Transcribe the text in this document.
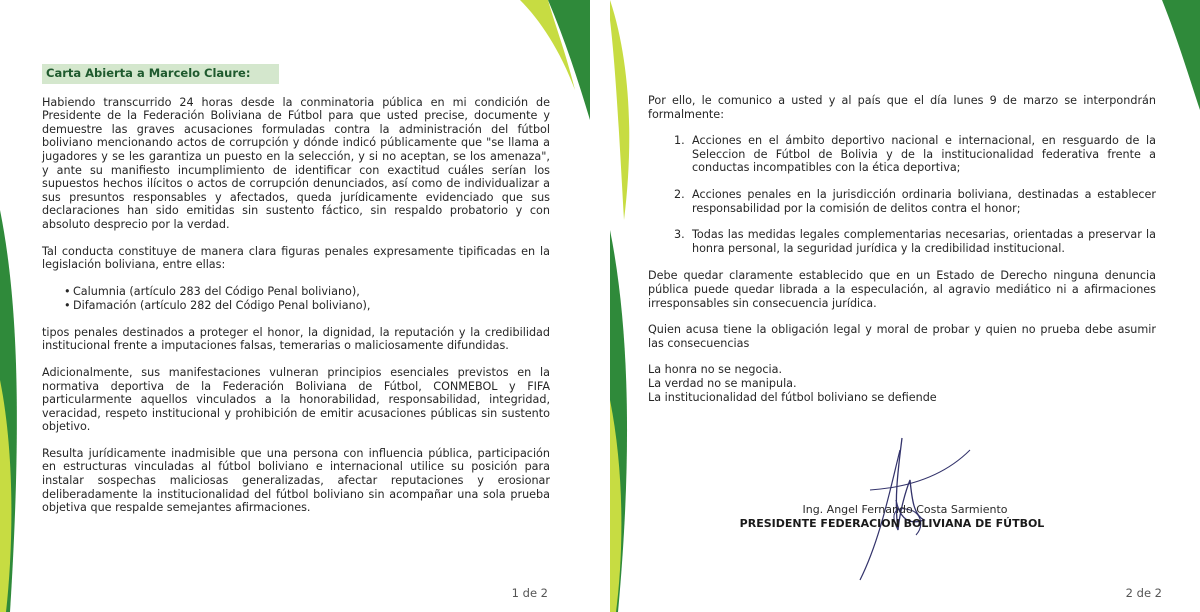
Carta Abierta a Marcelo Claure:
Habiendo transcurrido 24 horas desde la conminatoria pública en mi condición de Presidente de la Federación Boliviana de Fútbol para que usted precise, documente y demuestre las graves acusaciones formuladas contra la administración del fútbol boliviano mencionando actos de corrupción y dónde indicó públicamente que "se llama a jugadores y se les garantiza un puesto en la selección, y si no aceptan, se los amenaza", y ante su manifiesto incumplimiento de identificar con exactitud cuáles serían los supuestos hechos ilícitos o actos de corrupción denunciados, así como de individualizar a sus presuntos responsables y afectados, queda jurídicamente evidenciado que sus declaraciones han sido emitidas sin sustento fáctico, sin respaldo probatorio y con absoluto desprecio por la verdad.
Tal conducta constituye de manera clara figuras penales expresamente tipificadas en la legislación boliviana, entre ellas:
• Calumnia (artículo 283 del Código Penal boliviano),
• Difamación (artículo 282 del Código Penal boliviano),
tipos penales destinados a proteger el honor, la dignidad, la reputación y la credibilidad institucional frente a imputaciones falsas, temerarias o maliciosamente difundidas.
Adicionalmente, sus manifestaciones vulneran principios esenciales previstos en la normativa deportiva de la Federación Boliviana de Fútbol, CONMEBOL y FIFA particularmente aquellos vinculados a la honorabilidad, responsabilidad, integridad, veracidad, respeto institucional y prohibición de emitir acusaciones públicas sin sustento objetivo.
Resulta jurídicamente inadmisible que una persona con influencia pública, participación en estructuras vinculadas al fútbol boliviano e internacional utilice su posición para instalar sospechas maliciosas generalizadas, afectar reputaciones y erosionar deliberadamente la institucionalidad del fútbol boliviano sin acompañar una sola prueba objetiva que respalde semejantes afirmaciones.
1 de 2
Por ello, le comunico a usted y al país que el día lunes 9 de marzo se interpondrán formalmente:
1. Acciones en el ámbito deportivo nacional e internacional, en resguardo de la Seleccion de Fútbol de Bolivia y de la institucionalidad federativa frente a conductas incompatibles con la ética deportiva;
2. Acciones penales en la jurisdicción ordinaria boliviana, destinadas a establecer responsabilidad por la comisión de delitos contra el honor;
3. Todas las medidas legales complementarias necesarias, orientadas a preservar la honra personal, la seguridad jurídica y la credibilidad institucional.
Debe quedar claramente establecido que en un Estado de Derecho ninguna denuncia pública puede quedar librada a la especulación, al agravio mediático ni a afirmaciones irresponsables sin consecuencia jurídica.
Quien acusa tiene la obligación legal y moral de probar y quien no prueba debe asumir las consecuencias
La honra no se negocia.
La verdad no se manipula.
La institucionalidad del fútbol boliviano se defiende
Ing. Angel Fernando Costa Sarmiento
PRESIDENTE FEDERACION BOLIVIANA DE FÚTBOL
2 de 2
